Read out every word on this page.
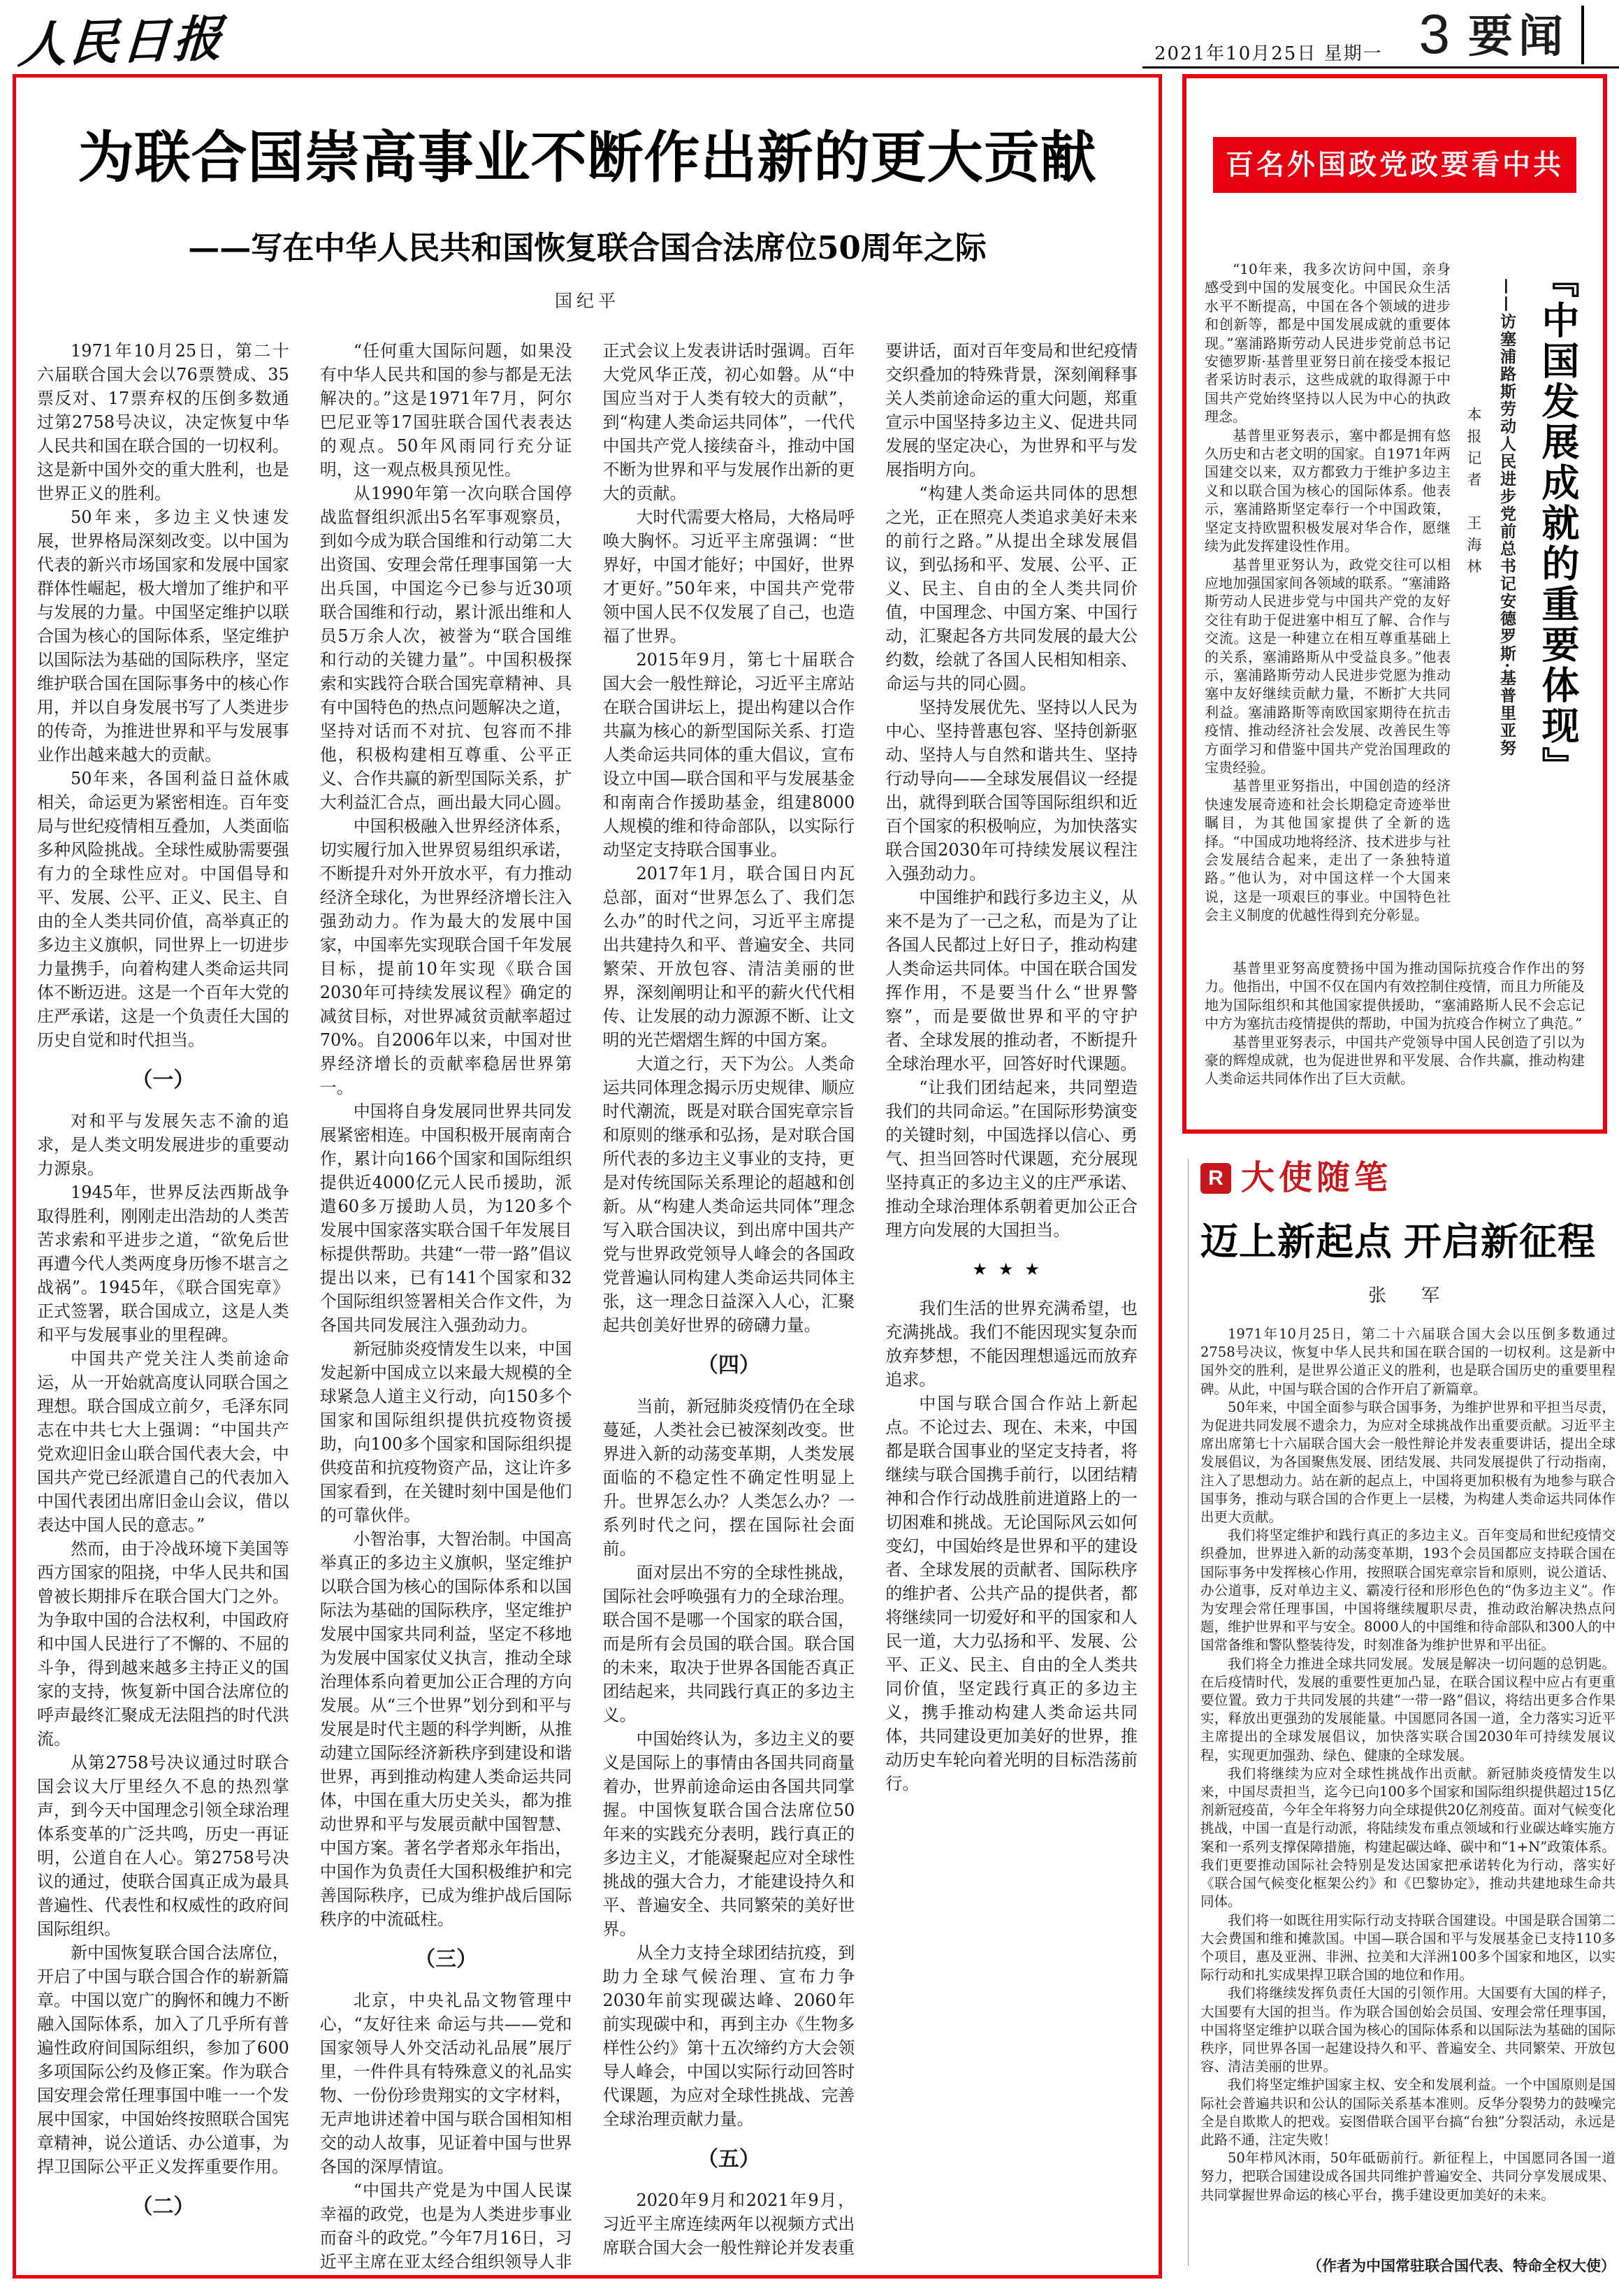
人民日报	2021年10月25日 星期一 3 要闻
为联合国崇高事业不断作出新的更大贡献
——写在中华人民共和国恢复联合国合法席位50周年之际
国纪平

1971年10月25日，第二十六届联合国大会以76票赞成、35票反对、17票弃权的压倒多数通过第2758号决议，决定恢复中华人民共和国在联合国的一切权利。这是新中国外交的重大胜利，也是世界正义的胜利。

50年来，多边主义快速发展，世界格局深刻改变。以中国为代表的新兴市场国家和发展中国家群体性崛起，极大增加了维护和平与发展的力量。中国坚定维护以联合国为核心的国际体系，坚定维护以国际法为基础的国际秩序，坚定维护联合国在国际事务中的核心作用，并以自身发展书写了人类进步的传奇，为推进世界和平与发展事业作出越来越大的贡献。

50年来，各国利益日益休戚相关，命运更为紧密相连。百年变局与世纪疫情相互叠加，人类面临多种风险挑战。全球性威胁需要强有力的全球性应对。中国倡导和平、发展、公平、正义、民主、自由的全人类共同价值，高举真正的多边主义旗帜，同世界上一切进步力量携手，向着构建人类命运共同体不断迈进。这是一个百年大党的庄严承诺，这是一个负责任大国的历史自觉和时代担当。

（一）

对和平与发展矢志不渝的追求，是人类文明发展进步的重要动力源泉。

1945年，世界反法西斯战争取得胜利，刚刚走出浩劫的人类苦苦求索和平进步之道，“欲免后世再遭今代人类两度身历惨不堪言之战祸”。1945年，《联合国宪章》正式签署，联合国成立，这是人类和平与发展事业的里程碑。

中国共产党关注人类前途命运，从一开始就高度认同联合国之理想。联合国成立前夕，毛泽东同志在中共七大上强调：“中国共产党欢迎旧金山联合国代表大会，中国共产党已经派遣自己的代表加入中国代表团出席旧金山会议，借以表达中国人民的意志。”

然而，由于冷战环境下美国等西方国家的阻挠，中华人民共和国曾被长期排斥在联合国大门之外。为争取中国的合法权利，中国政府和中国人民进行了不懈的、不屈的斗争，得到越来越多主持正义的国家的支持，恢复新中国合法席位的呼声最终汇聚成无法阻挡的时代洪流。

从第2758号决议通过时联合国会议大厅里经久不息的热烈掌声，到今天中国理念引领全球治理体系变革的广泛共鸣，历史一再证明，公道自在人心。第2758号决议的通过，使联合国真正成为最具普遍性、代表性和权威性的政府间国际组织。

新中国恢复联合国合法席位，开启了中国与联合国合作的崭新篇章。中国以宽广的胸怀和魄力不断融入国际体系，加入了几乎所有普遍性政府间国际组织，参加了600多项国际公约及修正案。作为联合国安理会常任理事国中唯一一个发展中国家，中国始终按照联合国宪章精神，说公道话、办公道事，为捍卫国际公平正义发挥重要作用。

（二）

“任何重大国际问题，如果没有中华人民共和国的参与都是无法解决的。”这是1971年7月，阿尔巴尼亚等17国驻联合国代表表达的观点。50年风雨同行充分证明，这一观点极具预见性。

从1990年第一次向联合国停战监督组织派出5名军事观察员，到如今成为联合国维和行动第二大出资国、安理会常任理事国第一大出兵国，中国迄今已参与近30项联合国维和行动，累计派出维和人员5万余人次，被誉为“联合国维和行动的关键力量”。中国积极探索和实践符合联合国宪章精神、具有中国特色的热点问题解决之道，坚持对话而不对抗、包容而不排他，积极构建相互尊重、公平正义、合作共赢的新型国际关系，扩大利益汇合点，画出最大同心圆。

中国积极融入世界经济体系，切实履行加入世界贸易组织承诺，不断提升对外开放水平，有力推动经济全球化，为世界经济增长注入强劲动力。作为最大的发展中国家，中国率先实现联合国千年发展目标，提前10年实现《联合国2030年可持续发展议程》确定的减贫目标，对世界减贫贡献率超过70%。自2006年以来，中国对世界经济增长的贡献率稳居世界第一。

中国将自身发展同世界共同发展紧密相连。中国积极开展南南合作，累计向166个国家和国际组织提供近4000亿元人民币援助，派遣60多万援助人员，为120多个发展中国家落实联合国千年发展目标提供帮助。共建“一带一路”倡议提出以来，已有141个国家和32个国际组织签署相关合作文件，为各国共同发展注入强劲动力。

新冠肺炎疫情发生以来，中国发起新中国成立以来最大规模的全球紧急人道主义行动，向150多个国家和国际组织提供抗疫物资援助，向100多个国家和国际组织提供疫苗和抗疫物资产品，这让许多国家看到，在关键时刻中国是他们的可靠伙伴。

小智治事，大智治制。中国高举真正的多边主义旗帜，坚定维护以联合国为核心的国际体系和以国际法为基础的国际秩序，坚定维护发展中国家共同利益，坚定不移地为发展中国家仗义执言，推动全球治理体系向着更加公正合理的方向发展。从“三个世界”划分到和平与发展是时代主题的科学判断，从推动建立国际经济新秩序到建设和谐世界，再到推动构建人类命运共同体，中国在重大历史关头，都为推动世界和平与发展贡献中国智慧、中国方案。著名学者郑永年指出，中国作为负责任大国积极维护和完善国际秩序，已成为维护战后国际秩序的中流砥柱。

（三）

北京，中央礼品文物管理中心，“友好往来 命运与共——党和国家领导人外交活动礼品展”展厅里，一件件具有特殊意义的礼品实物、一份份珍贵翔实的文字材料，无声地讲述着中国与联合国相知相交的动人故事，见证着中国与世界各国的深厚情谊。

“中国共产党是为中国人民谋幸福的政党，也是为人类进步事业而奋斗的政党。”今年7月16日，习近平主席在亚太经合组织领导人非正式会议上发表讲话时强调。百年大党风华正茂，初心如磐。从“中国应当对于人类有较大的贡献”，到“构建人类命运共同体”，一代代中国共产党人接续奋斗，推动中国不断为世界和平与发展作出新的更大的贡献。

大时代需要大格局，大格局呼唤大胸怀。习近平主席强调：“世界好，中国才能好；中国好，世界才更好。”50年来，中国共产党带领中国人民不仅发展了自己，也造福了世界。

2015年9月，第七十届联合国大会一般性辩论，习近平主席站在联合国讲坛上，提出构建以合作共赢为核心的新型国际关系、打造人类命运共同体的重大倡议，宣布设立中国—联合国和平与发展基金和南南合作援助基金，组建8000人规模的维和待命部队，以实际行动坚定支持联合国事业。

2017年1月，联合国日内瓦总部，面对“世界怎么了、我们怎么办”的时代之问，习近平主席提出共建持久和平、普遍安全、共同繁荣、开放包容、清洁美丽的世界，深刻阐明让和平的薪火代代相传、让发展的动力源源不断、让文明的光芒熠熠生辉的中国方案。

大道之行，天下为公。人类命运共同体理念揭示历史规律、顺应时代潮流，既是对联合国宪章宗旨和原则的继承和弘扬，是对联合国所代表的多边主义事业的支持，更是对传统国际关系理论的超越和创新。从“构建人类命运共同体”理念写入联合国决议，到出席中国共产党与世界政党领导人峰会的各国政党普遍认同构建人类命运共同体主张，这一理念日益深入人心，汇聚起共创美好世界的磅礴力量。

（四）

当前，新冠肺炎疫情仍在全球蔓延，人类社会已被深刻改变。世界进入新的动荡变革期，人类发展面临的不稳定性不确定性明显上升。世界怎么办？人类怎么办？一系列时代之问，摆在国际社会面前。

面对层出不穷的全球性挑战，国际社会呼唤强有力的全球治理。联合国不是哪一个国家的联合国，而是所有会员国的联合国。联合国的未来，取决于世界各国能否真正团结起来，共同践行真正的多边主义。

中国始终认为，多边主义的要义是国际上的事情由各国共同商量着办，世界前途命运由各国共同掌握。中国恢复联合国合法席位50年来的实践充分表明，践行真正的多边主义，才能凝聚起应对全球性挑战的强大合力，才能建设持久和平、普遍安全、共同繁荣的美好世界。

从全力支持全球团结抗疫，到助力全球气候治理、宣布力争2030年前实现碳达峰、2060年前实现碳中和，再到主办《生物多样性公约》第十五次缔约方大会领导人峰会，中国以实际行动回答时代课题，为应对全球性挑战、完善全球治理贡献力量。

（五）

2020年9月和2021年9月，习近平主席连续两年以视频方式出席联合国大会一般性辩论并发表重要讲话，面对百年变局和世纪疫情交织叠加的特殊背景，深刻阐释事关人类前途命运的重大问题，郑重宣示中国坚持多边主义、促进共同发展的坚定决心，为世界和平与发展指明方向。

“构建人类命运共同体的思想之光，正在照亮人类追求美好未来的前行之路。”从提出全球发展倡议，到弘扬和平、发展、公平、正义、民主、自由的全人类共同价值，中国理念、中国方案、中国行动，汇聚起各方共同发展的最大公约数，绘就了各国人民相知相亲、命运与共的同心圆。

坚持发展优先、坚持以人民为中心、坚持普惠包容、坚持创新驱动、坚持人与自然和谐共生、坚持行动导向——全球发展倡议一经提出，就得到联合国等国际组织和近百个国家的积极响应，为加快落实联合国2030年可持续发展议程注入强劲动力。

中国维护和践行多边主义，从来不是为了一己之私，而是为了让各国人民都过上好日子，推动构建人类命运共同体。中国在联合国发挥作用，不是要当什么“世界警察”，而是要做世界和平的守护者、全球发展的推动者，不断提升全球治理水平，回答好时代课题。

“让我们团结起来，共同塑造我们的共同命运。”在国际形势演变的关键时刻，中国选择以信心、勇气、担当回答时代课题，充分展现坚持真正的多边主义的庄严承诺、推动全球治理体系朝着更加公正合理方向发展的大国担当。

★★★

我们生活的世界充满希望，也充满挑战。我们不能因现实复杂而放弃梦想，不能因理想遥远而放弃追求。

中国与联合国合作站上新起点。不论过去、现在、未来，中国都是联合国事业的坚定支持者，将继续与联合国携手前行，以团结精神和合作行动战胜前进道路上的一切困难和挑战。无论国际风云如何变幻，中国始终是世界和平的建设者、全球发展的贡献者、国际秩序的维护者、公共产品的提供者，都将继续同一切爱好和平的国家和人民一道，大力弘扬和平、发展、公平、正义、民主、自由的全人类共同价值，坚定践行真正的多边主义，携手推动构建人类命运共同体，共同建设更加美好的世界，推动历史车轮向着光明的目标浩荡前行。

百名外国政党政要看中共

“10年来，我多次访问中国，亲身感受到中国的发展变化。中国民众生活水平不断提高，中国在各个领域的进步和创新等，都是中国发展成就的重要体现。”塞浦路斯劳动人民进步党前总书记安德罗斯·基普里亚努日前在接受本报记者采访时表示，这些成就的取得源于中国共产党始终坚持以人民为中心的执政理念。

基普里亚努表示，塞中都是拥有悠久历史和古老文明的国家。自1971年两国建交以来，双方都致力于维护多边主义和以联合国为核心的国际体系。他表示，塞浦路斯坚定奉行一个中国政策，坚定支持欧盟积极发展对华合作，愿继续为此发挥建设性作用。

基普里亚努认为，政党交往可以相应地加强国家间各领域的联系。“塞浦路斯劳动人民进步党与中国共产党的友好交往有助于促进塞中相互了解、合作与交流。这是一种建立在相互尊重基础上的关系，塞浦路斯从中受益良多。”他表示，塞浦路斯劳动人民进步党愿为推动塞中友好继续贡献力量，不断扩大共同利益。塞浦路斯等南欧国家期待在抗击疫情、推动经济社会发展、改善民生等方面学习和借鉴中国共产党治国理政的宝贵经验。

基普里亚努指出，中国创造的经济快速发展奇迹和社会长期稳定奇迹举世瞩目，为其他国家提供了全新的选择。“中国成功地将经济、技术进步与社会发展结合起来，走出了一条独特道路。”他认为，对中国这样一个大国来说，这是一项艰巨的事业。中国特色社会主义制度的优越性得到充分彰显。

『中国发展成就的重要体现』
——访塞浦路斯劳动人民进步党前总书记安德罗斯·基普里亚努
本报记者　王海林

基普里亚努高度赞扬中国为推动国际抗疫合作作出的努力。他指出，中国不仅在国内有效控制住疫情，而且力所能及地为国际组织和其他国家提供援助，“塞浦路斯人民不会忘记中方为塞抗击疫情提供的帮助，中国为抗疫合作树立了典范。”

基普里亚努表示，中国共产党领导中国人民创造了引以为豪的辉煌成就，也为促进世界和平发展、合作共赢，推动构建人类命运共同体作出了巨大贡献。

R 大使随笔
迈上新起点 开启新征程
张　军

1971年10月25日，第二十六届联合国大会以压倒多数通过2758号决议，恢复中华人民共和国在联合国的一切权利。这是新中国外交的胜利，是世界公道正义的胜利，也是联合国历史的重要里程碑。从此，中国与联合国的合作开启了新篇章。

50年来，中国全面参与联合国事务，为维护世界和平担当尽责，为促进共同发展不遗余力，为应对全球挑战作出重要贡献。习近平主席出席第七十六届联合国大会一般性辩论并发表重要讲话，提出全球发展倡议，为各国聚焦发展、团结发展、共同发展提供了行动指南，注入了思想动力。站在新的起点上，中国将更加积极有为地参与联合国事务，推动与联合国的合作更上一层楼，为构建人类命运共同体作出更大贡献。

我们将坚定维护和践行真正的多边主义。百年变局和世纪疫情交织叠加，世界进入新的动荡变革期，193个会员国都应支持联合国在国际事务中发挥核心作用，按照联合国宪章宗旨和原则，说公道话、办公道事，反对单边主义、霸凌行径和形形色色的“伪多边主义”。作为安理会常任理事国，中国将继续履职尽责，推动政治解决热点问题，维护世界和平与安全。8000人的中国维和待命部队和300人的中国常备维和警队整装待发，时刻准备为维护世界和平出征。

我们将全力推进全球共同发展。发展是解决一切问题的总钥匙。在后疫情时代，发展的重要性更加凸显，在联合国议程中应占有更重要位置。致力于共同发展的共建“一带一路”倡议，将结出更多合作果实，释放出更强劲的发展能量。中国愿同各国一道，全力落实习近平主席提出的全球发展倡议，加快落实联合国2030年可持续发展议程，实现更加强劲、绿色、健康的全球发展。

我们将继续为应对全球性挑战作出贡献。新冠肺炎疫情发生以来，中国尽责担当，迄今已向100多个国家和国际组织提供超过15亿剂新冠疫苗，今年全年将努力向全球提供20亿剂疫苗。面对气候变化挑战，中国一直是行动派，将陆续发布重点领域和行业碳达峰实施方案和一系列支撑保障措施，构建起碳达峰、碳中和“1+N”政策体系。我们更要推动国际社会特别是发达国家把承诺转化为行动，落实好《联合国气候变化框架公约》和《巴黎协定》，推动共建地球生命共同体。

我们将一如既往用实际行动支持联合国建设。中国是联合国第二大会费国和维和摊款国。中国—联合国和平与发展基金已支持110多个项目，惠及亚洲、非洲、拉美和大洋洲100多个国家和地区，以实际行动和扎实成果捍卫联合国的地位和作用。

我们将继续发挥负责任大国的引领作用。大国要有大国的样子，大国要有大国的担当。作为联合国创始会员国、安理会常任理事国，中国将坚定维护以联合国为核心的国际体系和以国际法为基础的国际秩序，同世界各国一起建设持久和平、普遍安全、共同繁荣、开放包容、清洁美丽的世界。

我们将坚定维护国家主权、安全和发展利益。一个中国原则是国际社会普遍共识和公认的国际关系基本准则。反华分裂势力的鼓噪完全是自欺欺人的把戏。妄图借联合国平台搞“台独”分裂活动，永远是此路不通，注定失败！

50年栉风沐雨，50年砥砺前行。新征程上，中国愿同各国一道努力，把联合国建设成各国共同维护普遍安全、共同分享发展成果、共同掌握世界命运的核心平台，携手建设更加美好的未来。

（作者为中国常驻联合国代表、特命全权大使）
